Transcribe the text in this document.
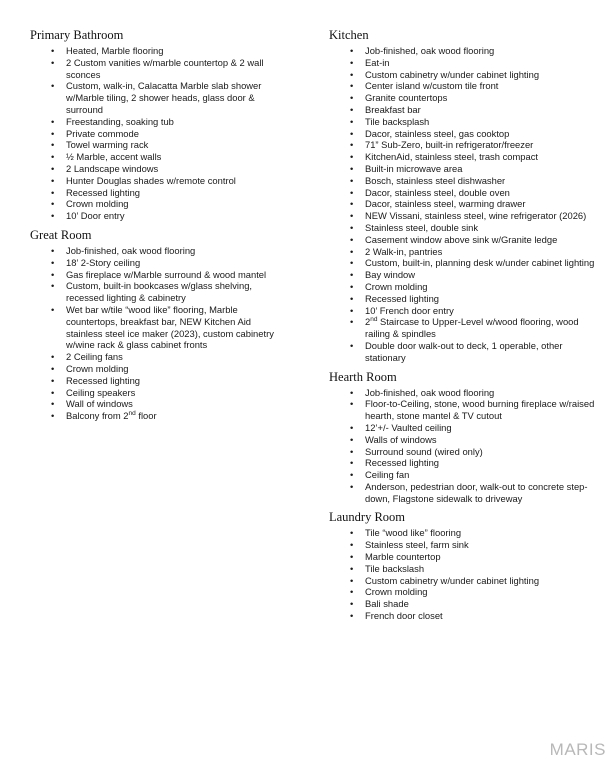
Primary Bathroom
• Heated, Marble flooring
• 2 Custom vanities w/marble countertop & 2 wall sconces
• Custom, walk-in, Calacatta Marble slab shower w/Marble tiling, 2 shower heads, glass door & surround
• Freestanding, soaking tub
• Private commode
• Towel warming rack
• ½ Marble, accent walls
• 2 Landscape windows
• Hunter Douglas shades w/remote control
• Recessed lighting
• Crown molding
• 10’ Door entry
Great Room
• Job-finished, oak wood flooring
• 18’ 2-Story ceiling
• Gas fireplace w/Marble surround & wood mantel
• Custom, built-in bookcases w/glass shelving, recessed lighting & cabinetry
• Wet bar w/tile “wood like” flooring, Marble countertops, breakfast bar, NEW Kitchen Aid stainless steel ice maker (2023), custom cabinetry w/wine rack & glass cabinet fronts
• 2 Ceiling fans
• Crown molding
• Recessed lighting
• Ceiling speakers
• Wall of windows
• Balcony from 2nd floor
Kitchen
• Job-finished, oak wood flooring
• Eat-in
• Custom cabinetry w/under cabinet lighting
• Center island w/custom tile front
• Granite countertops
• Breakfast bar
• Tile backsplash
• Dacor, stainless steel, gas cooktop
• 71” Sub-Zero, built-in refrigerator/freezer
• KitchenAid, stainless steel, trash compact
• Built-in microwave area
• Bosch, stainless steel dishwasher
• Dacor, stainless steel, double oven
• Dacor, stainless steel, warming drawer
• NEW Vissani, stainless steel, wine refrigerator (2026)
• Stainless steel, double sink
• Casement window above sink w/Granite ledge
• 2 Walk-in, pantries
• Custom, built-in, planning desk w/under cabinet lighting
• Bay window
• Crown molding
• Recessed lighting
• 10’ French door entry
• 2nd Staircase to Upper-Level w/wood flooring, wood railing & spindles
• Double door walk-out to deck, 1 operable, other stationary
Hearth Room
• Job-finished, oak wood flooring
• Floor-to-Ceiling, stone, wood burning fireplace w/raised hearth, stone mantel & TV cutout
• 12’+/- Vaulted ceiling
• Walls of windows
• Surround sound (wired only)
• Recessed lighting
• Ceiling fan
• Anderson, pedestrian door, walk-out to concrete step-down, Flagstone sidewalk to driveway
Laundry Room
• Tile “wood like” flooring
• Stainless steel, farm sink
• Marble countertop
• Tile backslash
• Custom cabinetry w/under cabinet lighting
• Crown molding
• Bali shade
• French door closet
MARIS
